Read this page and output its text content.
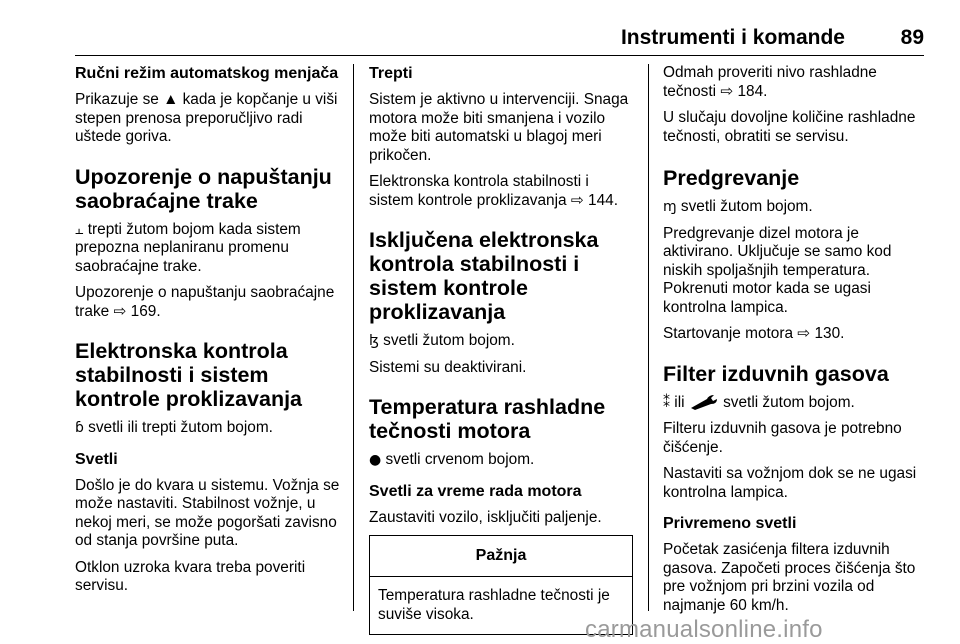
Instrumenti i komande	89
Ručni režim automatskog menjača

Prikazuje se ▲ kada je kopčanje u viši stepen prenosa preporučljivo radi uštede goriva.

Upozorenje o napuštanju saobraćajne trake

⫠ trepti žutom bojom kada sistem prepozna neplaniranu promenu saobraćajne trake.

Upozorenje o napuštanju saobraćajne trake ⇨ 169.

Elektronska kontrola stabilnosti i sistem kontrole proklizavanja

ɓ svetli ili trepti žutom bojom.

Svetli

Došlo je do kvara u sistemu. Vožnja se može nastaviti. Stabilnost vožnje, u nekoj meri, se može pogoršati zavisno od stanja površine puta.

Otklon uzroka kvara treba poveriti servisu.

Trepti

Sistem je aktivno u intervenciji. Snaga motora može biti smanjena i vozilo može biti automatski u blagoj meri prikočen.

Elektronska kontrola stabilnosti i sistem kontrole proklizavanja ⇨ 144.

Isključena elektronska kontrola stabilnosti i sistem kontrole proklizavanja

ɮ svetli žutom bojom.

Sistemi su deaktivirani.

Temperatura rashladne tečnosti motora

● svetli crvenom bojom.

Svetli za vreme rada motora

Zaustaviti vozilo, isključiti paljenje.

Pažnja
Temperatura rashladne tečnosti je suviše visoka.

Odmah proveriti nivo rashladne tečnosti ⇨ 184.

U slučaju dovoljne količine rashladne tečnosti, obratiti se servisu.

Predgrevanje

ɱ svetli žutom bojom.

Predgrevanje dizel motora je aktivirano. Uključuje se samo kod niskih spoljašnjih temperatura. Pokrenuti motor kada se ugasi kontrolna lampica.

Startovanje motora ⇨ 130.

Filter izduvnih gasova

⁑ ili  svetli žutom bojom.

Filteru izduvnih gasova je potrebno čišćenje.

Nastaviti sa vožnjom dok se ne ugasi kontrolna lampica.

Privremeno svetli

Početak zasićenja filtera izduvnih gasova. Započeti proces čišćenja što pre vožnjom pri brzini vozila od najmanje 60 km/h.

carmanualsonline.info
